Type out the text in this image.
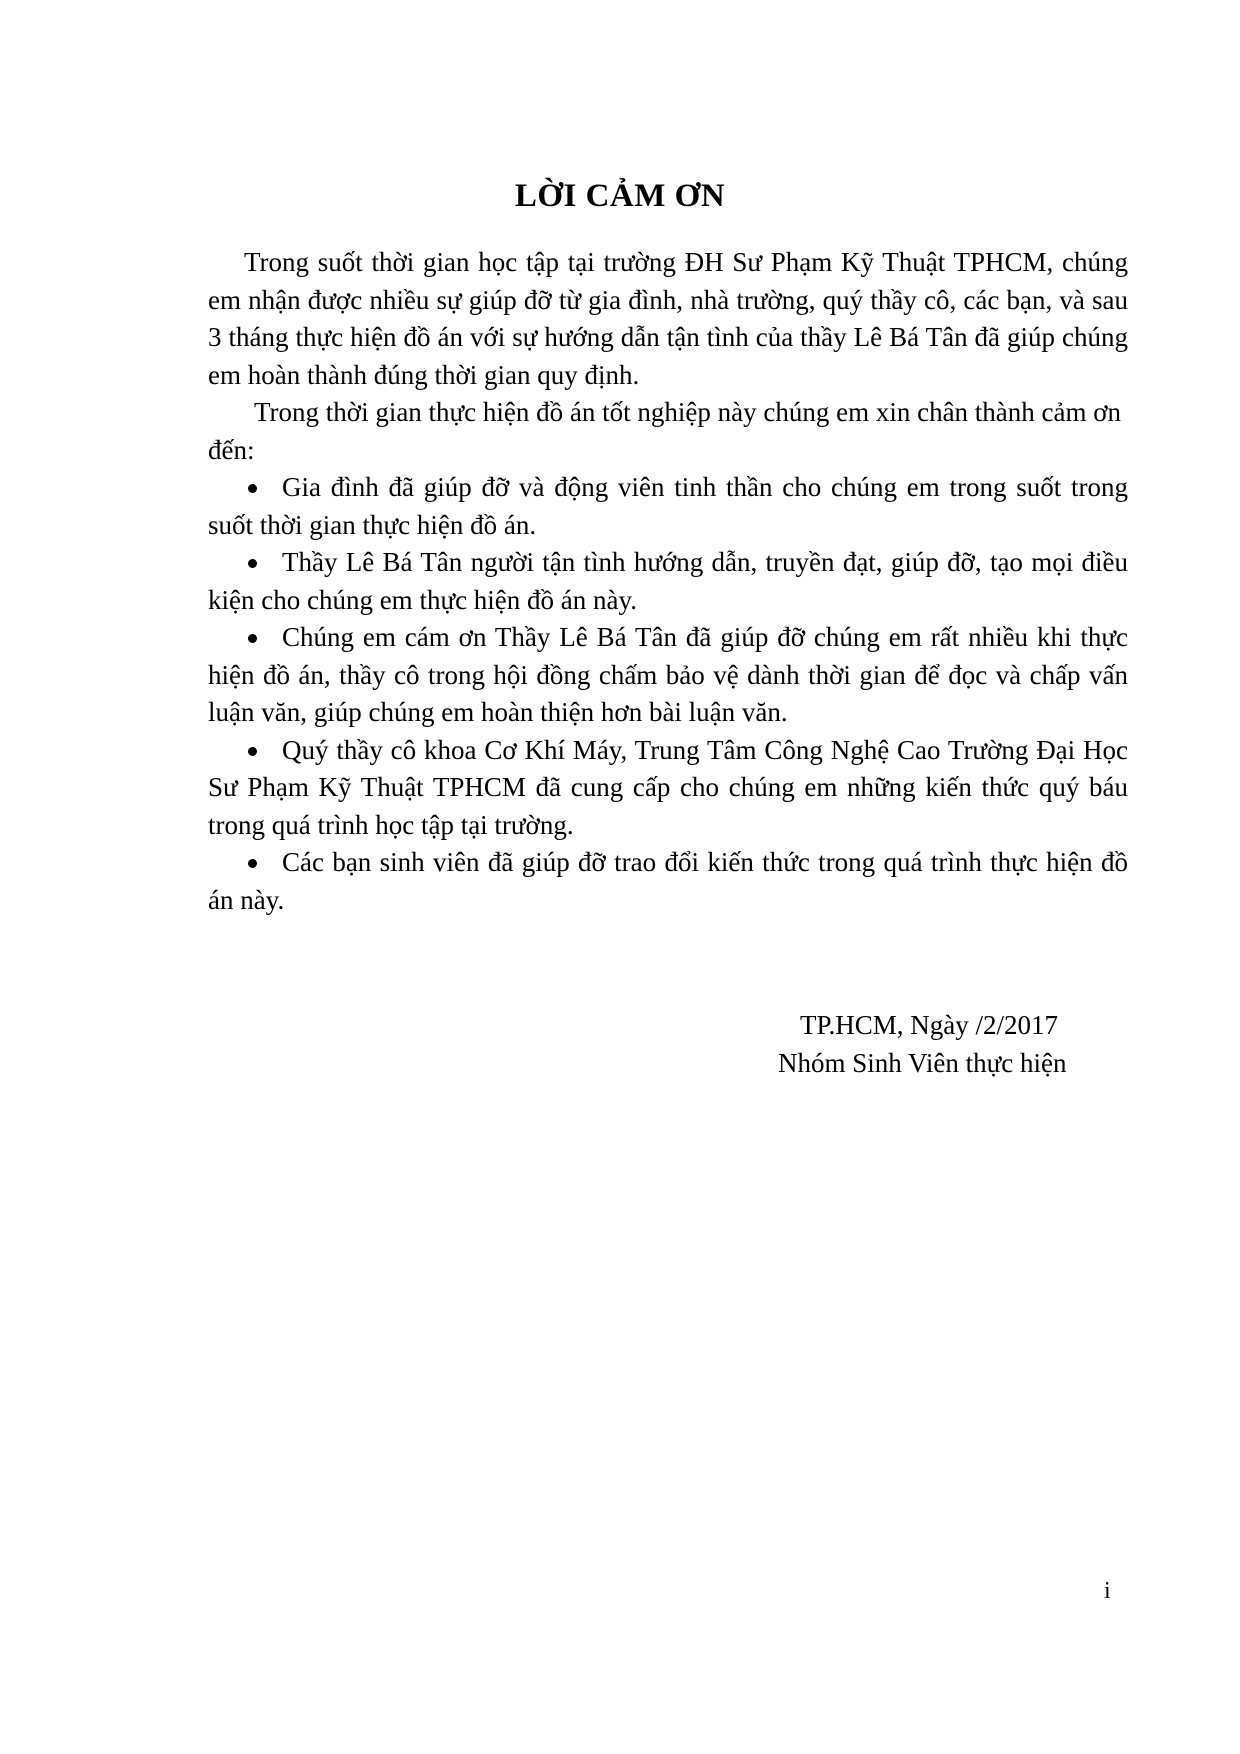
LỜI CẢM ƠN
Trong suốt thời gian học tập tại trường ĐH Sư Phạm Kỹ Thuật TPHCM, chúng em nhận được nhiều sự giúp đỡ từ gia đình, nhà trường, quý thầy cô, các bạn, và sau 3 tháng thực hiện đồ án với sự hướng dẫn tận tình của thầy Lê Bá Tân đã giúp chúng em hoàn thành đúng thời gian quy định.
Trong thời gian thực hiện đồ án tốt nghiệp này chúng em xin chân thành cảm ơn đến:
Gia đình đã giúp đỡ và động viên tinh thần cho chúng em trong suốt trong suốt thời gian thực hiện đồ án.
Thầy Lê Bá Tân người tận tình hướng dẫn, truyền đạt, giúp đỡ, tạo mọi điều kiện cho chúng em thực hiện đồ án này.
Chúng em cám ơn Thầy Lê Bá Tân đã giúp đỡ chúng em rất nhiều khi thực hiện đồ án, thầy cô trong hội đồng chấm bảo vệ dành thời gian để đọc và chấp vấn luận văn, giúp chúng em hoàn thiện hơn bài luận văn.
Quý thầy cô khoa Cơ Khí Máy, Trung Tâm Công Nghệ Cao Trường Đại Học Sư Phạm Kỹ Thuật TPHCM đã cung cấp cho chúng em những kiến thức quý báu trong quá trình học tập tại trường.
Các bạn sinh viên đã giúp đỡ trao đổi kiến thức trong quá trình thực hiện đồ án này.
TP.HCM, Ngày /2/2017
Nhóm Sinh Viên thực hiện
i
